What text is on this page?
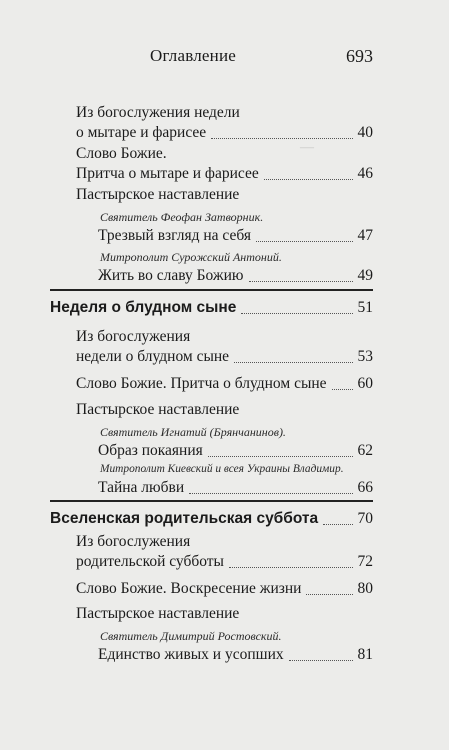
—
Оглавление	693
Из богослужения недели
о мытаре и фарисее	40
Слово Божие.
Притча о мытаре и фарисее	46
Пастырское наставление
Святитель Феофан Затворник.
Трезвый взгляд на себя	47
Митрополит Сурожский Антоний.
Жить во славу Божию	49
Неделя о блудном сыне	51
Из богослужения
недели о блудном сыне	53
Слово Божие. Притча о блудном сыне 60
Пастырское наставление
Святитель Игнатий (Брянчанинов).
Образ покаяния	62
Митрополит Киевский и всея Украины Владимир.
Тайна любви	66
Вселенская родительская суббота	70
Из богослужения
родительской субботы	72
Слово Божие. Воскресение жизни	80
Пастырское наставление
Святитель Димитрий Ростовский.
Единство живых и усопших	81
